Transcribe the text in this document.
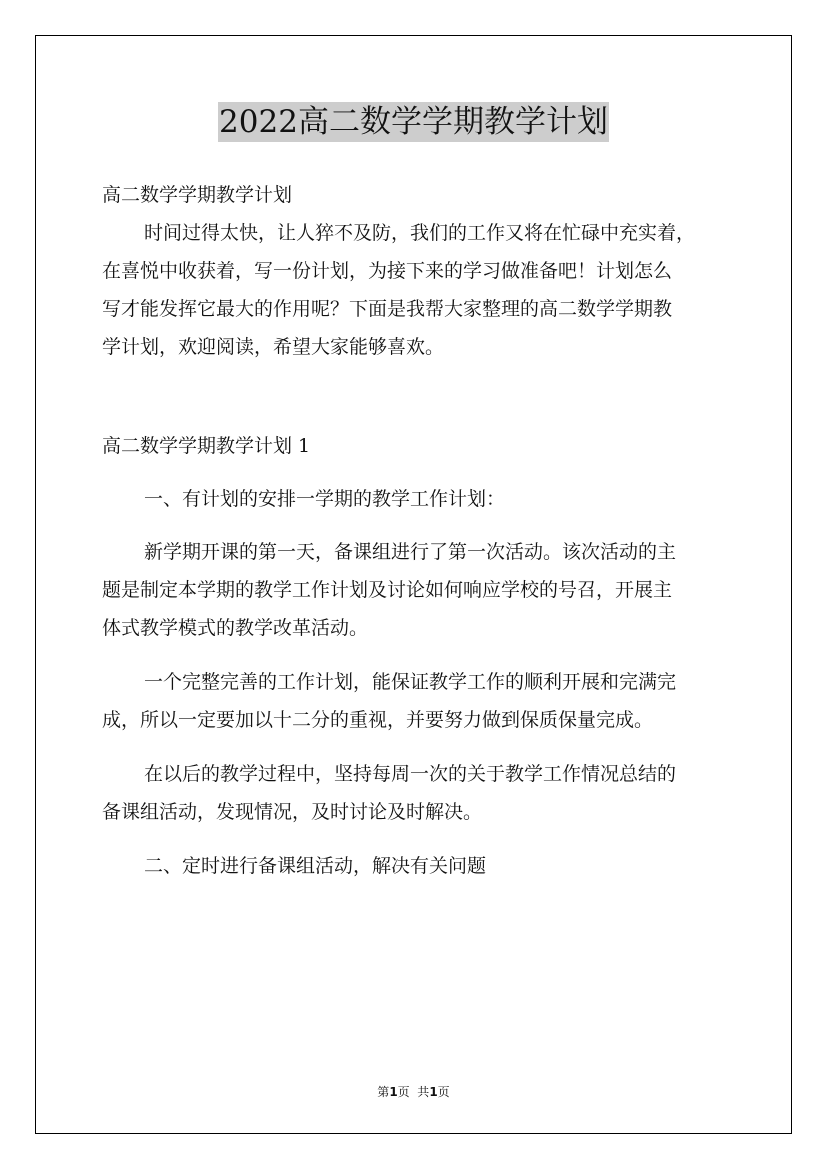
2022高二数学学期教学计划

高二数学学期教学计划

时间过得太快，让人猝不及防，我们的工作又将在忙碌中充实着，

在喜悦中收获着，写一份计划，为接下来的学习做准备吧！计划怎么

写才能发挥它最大的作用呢？下面是我帮大家整理的高二数学学期教

学计划，欢迎阅读，希望大家能够喜欢。

高二数学学期教学计划 1

一、有计划的安排一学期的教学工作计划：

新学期开课的第一天，备课组进行了第一次活动。该次活动的主

题是制定本学期的教学工作计划及讨论如何响应学校的号召，开展主

体式教学模式的教学改革活动。

一个完整完善的工作计划，能保证教学工作的顺利开展和完满完

成，所以一定要加以十二分的重视，并要努力做到保质保量完成。

在以后的教学过程中，坚持每周一次的关于教学工作情况总结的

备课组活动，发现情况，及时讨论及时解决。

二、定时进行备课组活动，解决有关问题

第1页  共1页
